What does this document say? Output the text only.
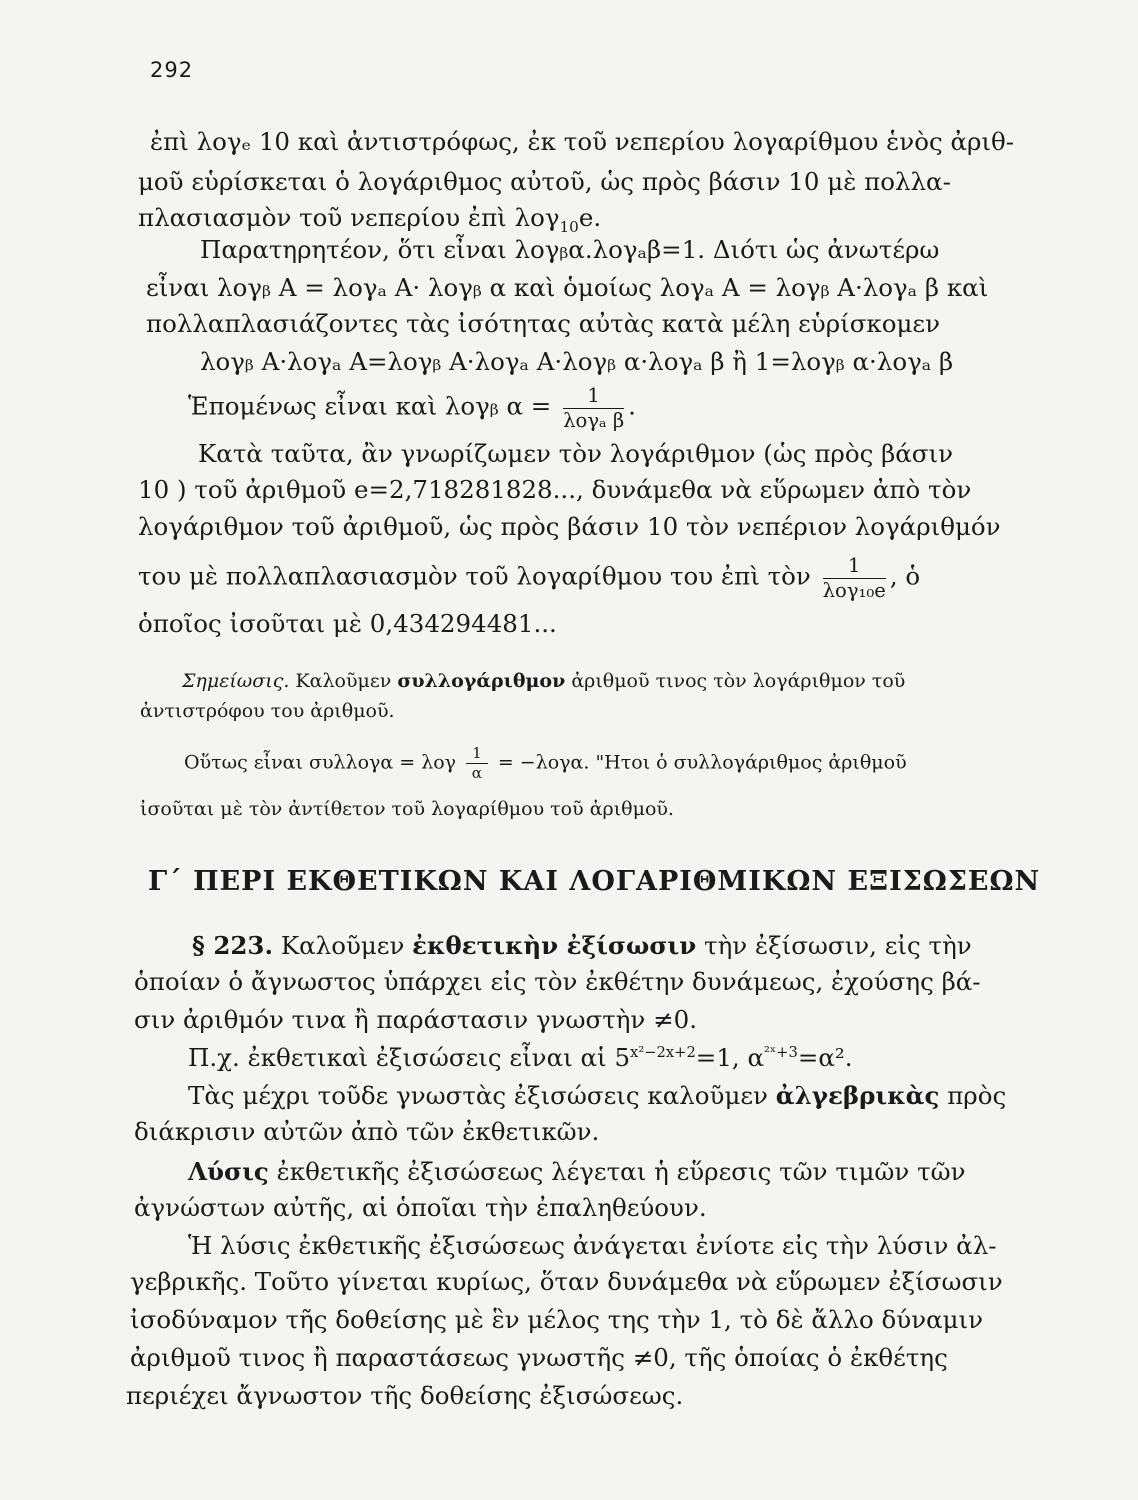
292
ἐπὶ λογₑ 10 καὶ ἀντιστρόφως, ἐκ τοῦ νεπερίου λογαρίθμου ἑνὸς ἀριθ-
μοῦ εὑρίσκεται ὁ λογάριθμος αὐτοῦ, ὡς πρὸς βάσιν 10 μὲ πολλα-
πλασιασμὸν τοῦ νεπερίου ἐπὶ λογ$_{10}$e.
Παρατηρητέον, ὅτι εἶναι λογᵦα.λογₐβ=1. Διότι ὡς ἀνωτέρω
εἶναι λογᵦ A = λογₐ A· λογᵦ α καὶ ὁμοίως λογₐ A = λογᵦ A·λογₐ β καὶ
πολλαπλασιάζοντες τὰς ἰσότητας αὐτὰς κατὰ μέλη εὑρίσκομεν
λογᵦ A·λογₐ A=λογᵦ A·λογₐ A·λογᵦ α·λογₐ β ἢ 1=λογᵦ α·λογₐ β
Ἑπομένως εἶναι καὶ λογᵦ $\alpha = \frac{1}{\text{λογₐ β}}$ .
Κατὰ ταῦτα, ἂν γνωρίζωμεν τὸν λογάριθμον (ὡς πρὸς βάσιν
10 ) τοῦ ἀριθμοῦ e=2,718281828..., δυνάμεθα νὰ εὕρωμεν ἀπὸ τὸν
λογάριθμον τοῦ ἀριθμοῦ, ὡς πρὸς βάσιν 10 τὸν νεπέριον λογάριθμόν
του μὲ πολλαπλασιασμὸν τοῦ λογαρίθμου του ἐπὶ τὸν $\frac{1}{\text{λογ₁₀e}}$ , ὁ
ὁποῖος ἰσοῦται μὲ 0,434294481...
Σημείωσις. Καλοῦμεν συλλογάριθμον ἀριθμοῦ τινος τὸν λογάριθμον τοῦ
ἀντιστρόφου του ἀριθμοῦ.
Οὕτως εἶναι συλλογα = λογ $\frac{1}{\alpha} = -\lambda o\gamma\alpha$. "Ητοι ὁ συλλογάριθμος ἀριθμοῦ
ἰσοῦται μὲ τὸν ἀντίθετον τοῦ λογαρίθμου τοῦ ἀριθμοῦ.
Γ΄ ΠΕΡΙ ΕΚΘΕΤΙΚΩΝ ΚΑΙ ΛΟΓΑΡΙΘΜΙΚΩΝ ΕΞΙΣΩΣΕΩΝ
§ 223. Καλοῦμεν ἐκθετικὴν ἐξίσωσιν τὴν ἐξίσωσιν, εἰς τὴν
ὁποίαν ὁ ἄγνωστος ὑπάρχει εἰς τὸν ἐκθέτην δυνάμεως, ἐχούσης βά-
σιν ἀριθμόν τινα ἢ παράστασιν γνωστὴν ≠0.
Π.χ. ἐκθετικαὶ ἐξισώσεις εἶναι αἱ $5^{x^2-2x+2}=1$, $\alpha^{^2ˣ+3}=\alpha^2$.
Τὰς μέχρι τοῦδε γνωστὰς ἐξισώσεις καλοῦμεν ἀλγεβρικὰς πρὸς
διάκρισιν αὐτῶν ἀπὸ τῶν ἐκθετικῶν.
Λύσις ἐκθετικῆς ἐξισώσεως λέγεται ἡ εὕρεσις τῶν τιμῶν τῶν
ἀγνώστων αὐτῆς, αἱ ὁποῖαι τὴν ἐπαληθεύουν.
Ἡ λύσις ἐκθετικῆς ἐξισώσεως ἀνάγεται ἐνίοτε εἰς τὴν λύσιν ἀλ-
γεβρικῆς. Τοῦτο γίνεται κυρίως, ὅταν δυνάμεθα νὰ εὕρωμεν ἐξίσωσιν
ἰσοδύναμον τῆς δοθείσης μὲ ἓν μέλος της τὴν 1, τὸ δὲ ἄλλο δύναμιν
ἀριθμοῦ τινος ἢ παραστάσεως γνωστῆς ≠0, τῆς ὁποίας ὁ ἐκθέτης
περιέχει ἄγνωστον τῆς δοθείσης ἐξισώσεως.
